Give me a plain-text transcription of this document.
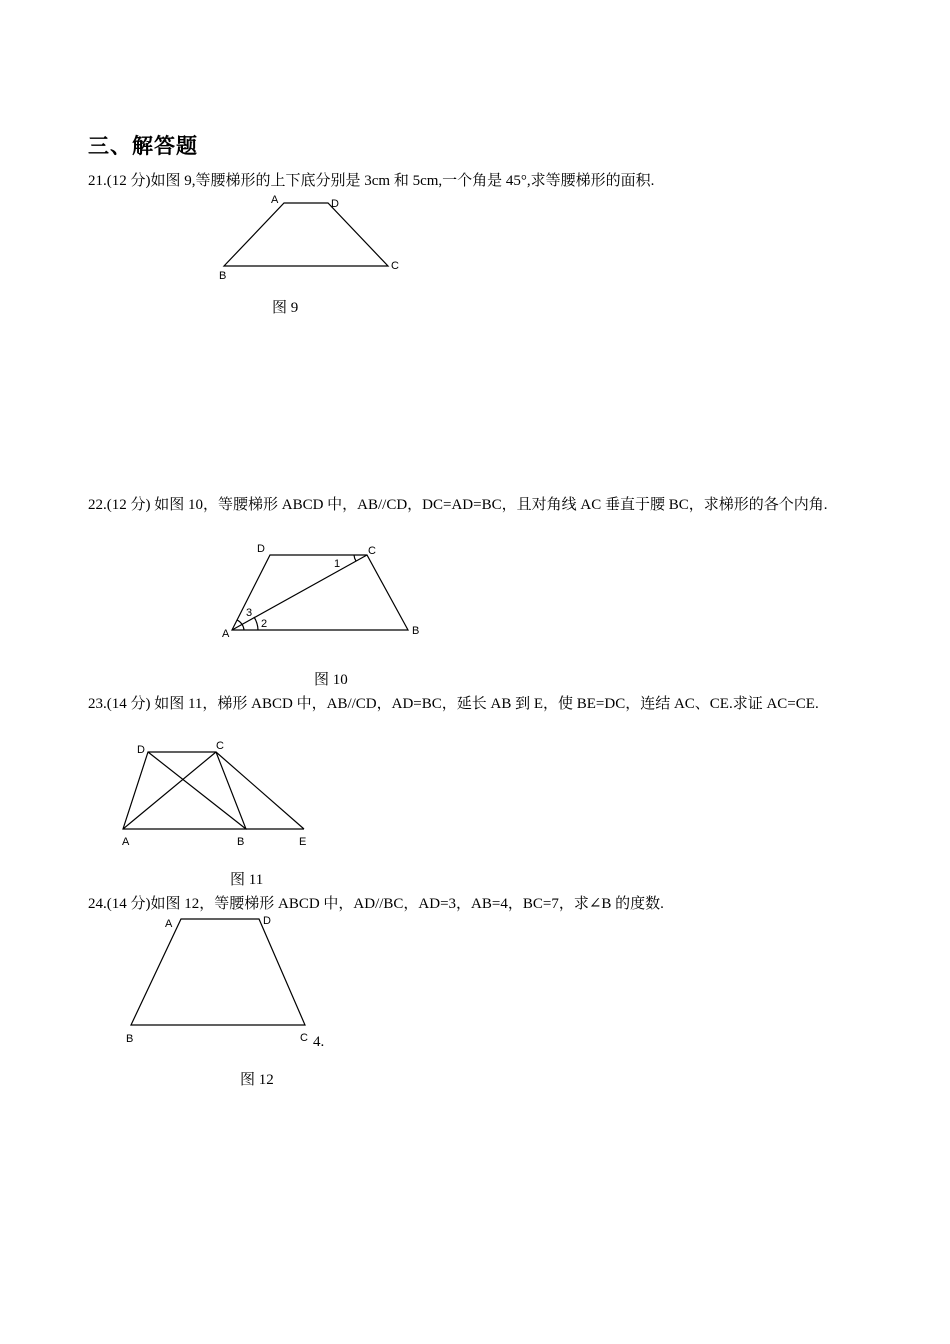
三、解答题
21.(12 分)如图 9,等腰梯形的上下底分别是 3cm 和 5cm,一个角是 45°,求等腰梯形的面积.
A	D
B
C
图 9
22.(12 分) 如图 10，等腰梯形 ABCD 中，AB//CD，DC=AD=BC，且对角线 AC 垂直于腰 BC，求梯形的各个内角.
D	C
A	B
1
2
3
图 10
23.(14 分) 如图 11，梯形 ABCD 中，AB//CD，AD=BC，延长 AB 到 E，使 BE=DC，连结 AC、CE.求证 AC=CE.
D	C
A	B	E
图 11
24.(14 分)如图 12，等腰梯形 ABCD 中，AD//BC，AD=3，AB=4，BC=7，求∠B 的度数.
A	D
B	C 4.
图 12
